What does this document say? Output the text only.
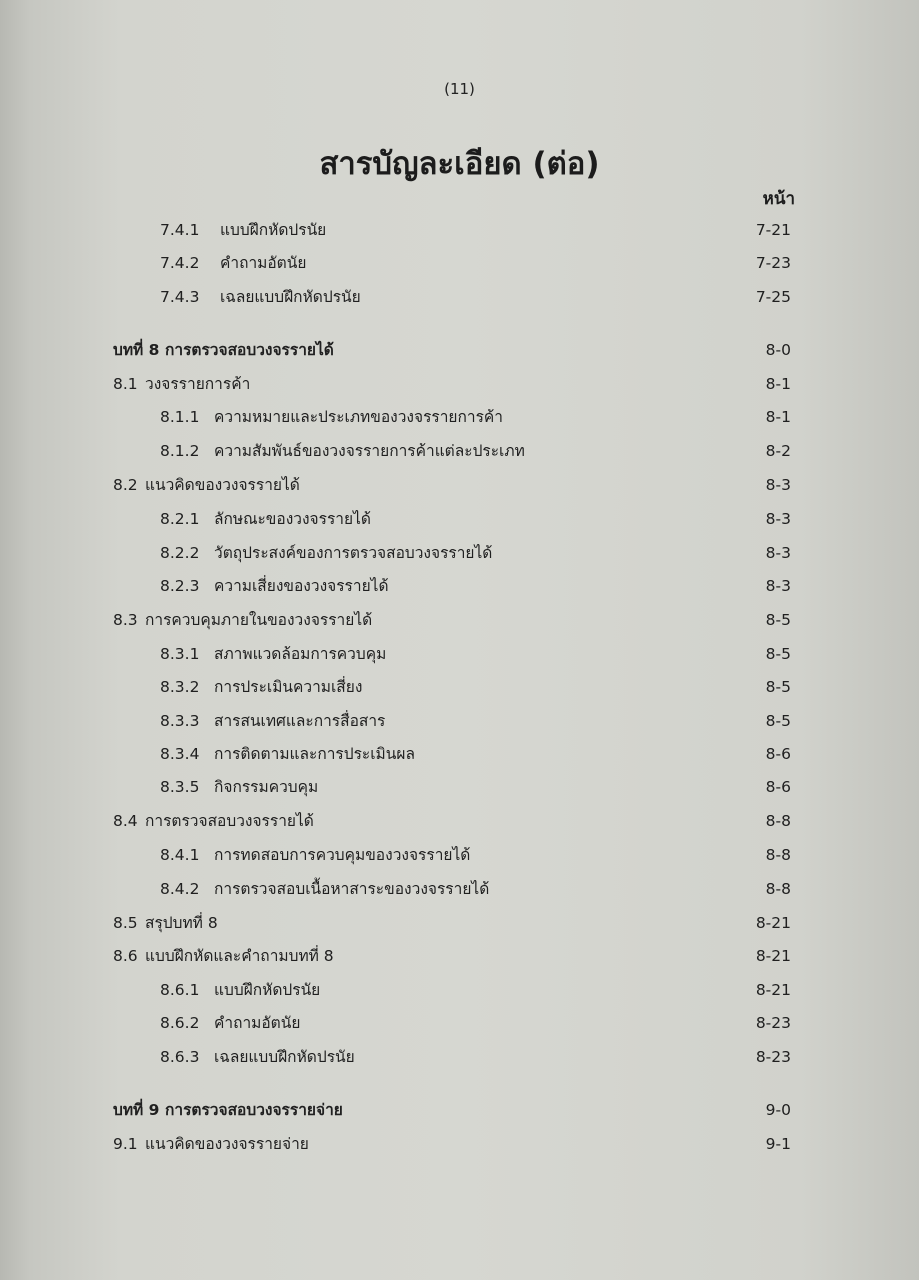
(11)
สารบัญละเอียด (ต่อ)
หน้า
7.4.1 แบบฝึกหัดปรนัย	7-21
7.4.2 คำถามอัตนัย	7-23
7.4.3 เฉลยแบบฝึกหัดปรนัย	7-25
บทที่ 8 การตรวจสอบวงจรรายได้	8-0
8.1 วงจรรายการค้า	8-1
8.1.1 ความหมายและประเภทของวงจรรายการค้า	8-1
8.1.2 ความสัมพันธ์ของวงจรรายการค้าแต่ละประเภท	8-2
8.2 แนวคิดของวงจรรายได้	8-3
8.2.1 ลักษณะของวงจรรายได้	8-3
8.2.2 วัตถุประสงค์ของการตรวจสอบวงจรรายได้	8-3
8.2.3 ความเสี่ยงของวงจรรายได้	8-3
8.3 การควบคุมภายในของวงจรรายได้	8-5
8.3.1 สภาพแวดล้อมการควบคุม	8-5
8.3.2 การประเมินความเสี่ยง	8-5
8.3.3 สารสนเทศและการสื่อสาร	8-5
8.3.4 การติดตามและการประเมินผล	8-6
8.3.5 กิจกรรมควบคุม	8-6
8.4 การตรวจสอบวงจรรายได้	8-8
8.4.1 การทดสอบการควบคุมของวงจรรายได้	8-8
8.4.2 การตรวจสอบเนื้อหาสาระของวงจรรายได้	8-8
8.5 สรุปบทที่ 8	8-21
8.6 แบบฝึกหัดและคำถามบทที่ 8	8-21
8.6.1 แบบฝึกหัดปรนัย	8-21
8.6.2 คำถามอัตนัย	8-23
8.6.3 เฉลยแบบฝึกหัดปรนัย	8-23
บทที่ 9 การตรวจสอบวงจรรายจ่าย	9-0
9.1 แนวคิดของวงจรรายจ่าย	9-1
